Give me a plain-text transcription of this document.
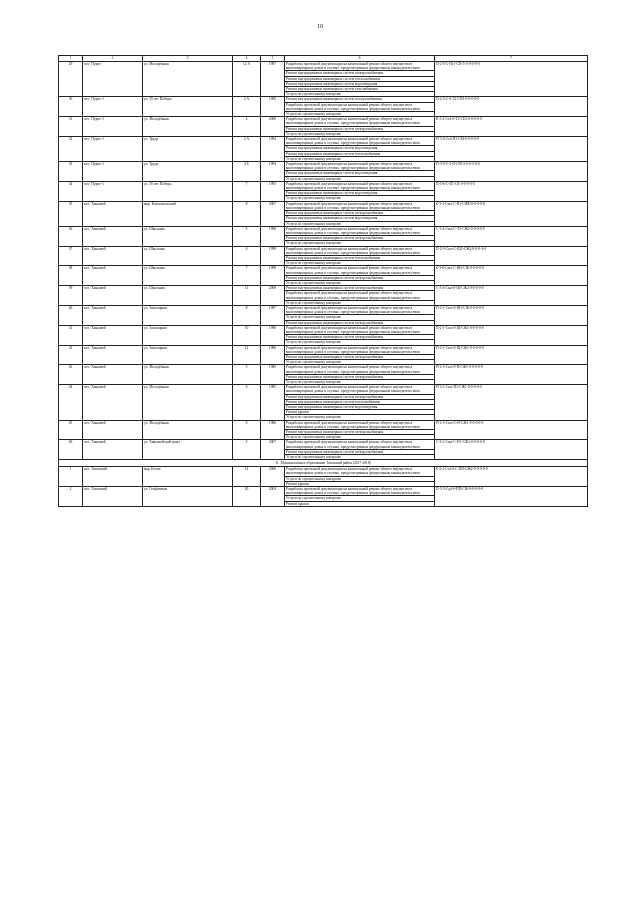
10
1	2	3	4	5	6	7
29	пос. Пурпе	ул. Молодёжная	12 А	1987	Разработка проектной документации на капитальный ремонт общего имущества в многоквартирных домах в случаях, предусмотренных федеральным законодательством	П-2-5-С-Пт1-СП-5-5-0-0-0-0
					Ремонт внутридомовых инженерных систем электроснабжения	
					Ремонт внутридомовых инженерных систем теплоснабжения	
					Ремонт внутридомовых инженерных систем водоотведения	
					Ремонт внутридомовых инженерных систем газоснабжения	
					Услуги по строительному контролю	
30	пос. Пурпе-1	ул. 50 лет Победы	2 А	1995	Ремонт внутридомовых инженерных систем холодоснабжения	П-2-3-С-6-Т2-СП1-0-0-0-0-0
					Разработка проектной документации на капитальный ремонт общего имущества в многоквартирных домах в случаях, предусмотренных федеральным законодательством	
					Услуги по строительному контролю	
31	пос. Пурпе-1	ул. Молодёжная	4	2006	Разработка проектной документации на капитальный ремонт общего имущества в многоквартирных домах в случаях, предусмотренных федеральным законодательством	К-3-2-Ст4-0-Т2-СЕ2-0-0-0-0-0
					Ремонт внутридомовых инженерных систем электроснабжения	
					Услуги по строительному контролю	
32	пос. Пурпе-1	ул. Труда	2 А	1994	Разработка проектной документации на капитальный ремонт общего имущества в многоквартирных домах в случаях, предусмотренных федеральным законодательством	П-3-0-Ст4-П1-СМ-0-0-0-0-0
					Ремонт внутридомовых инженерных систем водоотведения	
					Ремонт внутридомовых инженерных систем теплоснабжения	
					Услуги по строительному контролю	
33	пос. Пурпе-1	ул. Труда	4 Б	1994	Разработка проектной документации на капитальный ремонт общего имущества в многоквартирных домах в случаях, предусмотренных федеральным законодательством	П-3-0-С-3-П-СМ-3-0-0-3-0-0
					Ремонт внутридомовых инженерных систем водоотведения	
					Услуги по строительному контролю	
34	пос. Пурпе-1	ул. 50 лет Победы	7	1993	Разработка проектной документации на капитальный ремонт общего имущества в многоквартирных домах в случаях, предусмотренных федеральным законодательством	П-3-6-С-П1-СЕ-0-0-0-0-0
					Ремонт внутридомовых инженерных систем водоотведения	
					Услуги по строительному контролю	
35	пос. Ханымей	мкр. Комсомольский	8	2007	Разработка проектной документации на капитальный ремонт общего имущества в многоквартирных домах в случаях, предусмотренных федеральным законодательством	Б-3-2-Сыл-С-П1-СЖЕ-0-0-0-0-0
					Ремонт внутридомовых инженерных систем электроснабжения	
					Ремонт внутридомовых инженерных систем водоотведения	
					Услуги по строительному контролю	
36	пос. Ханымей	ул. Школьная	5	1996	Разработка проектной документации на капитальный ремонт общего имущества в многоквартирных домах в случаях, предусмотренных федеральным законодательством	С-3-4-Сыл-С-Т3-СЖ2-0-0-0-0-0
					Ремонт внутридомовых инженерных систем электроснабжения	
					Услуги по строительному контролю	
37	пос. Ханымей	ул. Школьная	6	1998	Разработка проектной документации на капитальный ремонт общего имущества в многоквартирных домах в случаях, предусмотренных федеральным законодательством	П-2-3-Сыл-С-Щ3-СЖ2-0-0-0-3-0
					Ремонт внутридомовых инженерных систем теплоснабжения	
					Услуги по строительному контролю	
38	пос. Ханымей	ул. Школьная	7	1998	Разработка проектной документации на капитальный ремонт общего имущества в многоквартирных домах в случаях, предусмотренных федеральным законодательством	Б-3-0-Сыл-С-Щ3-СЖ-0-0-0-0-0
					Ремонт внутридомовых инженерных систем электроснабжения	
					Услуги по строительному контролю	
39	пос. Ханымей	ул. Школьная	11	2008	Ремонт внутридомовых инженерных систем электроснабжения	С-3-4-Сыл-0-Щ-СЖ2-0-0-0-0-0
					Разработка проектной документации на капитальный ремонт общего имущества в многоквартирных домах в случаях, предусмотренных федеральным законодательством	
					Услуги по строительному контролю	
40	пос. Ханымей	ул. Заполярная	8	1987	Разработка проектной документации на капитальный ремонт общего имущества в многоквартирных домах в случаях, предусмотренных федеральным законодательством	П-2-1-Сыл-0-Щ1-СЖ-0-0-0-0-0
					Услуги по строительному контролю	
					Ремонт внутридомовых инженерных систем электроснабжения	
41	пос. Ханымей	ул. Заполярная	10	1996	Разработка проектной документации на капитальный ремонт общего имущества в многоквартирных домах в случаях, предусмотренных федеральным законодательством	П-2-1-Сыл-0-Щ-СЖ1-0-0-0-0-0
					Ремонт внутридомовых инженерных систем электроснабжения	
					Услуги по строительному контролю	
42	пос. Ханымей	ул. Заполярная	12	1986	Разработка проектной документации на капитальный ремонт общего имущества в многоквартирных домах в случаях, предусмотренных федеральным законодательством	П-2-1-Сыл-0-Щ-СЖ1-0-0-0-0-0
					Ремонт внутридомовых инженерных систем электроснабжения	
					Услуги по строительному контролю	
43	пос. Ханымей	ул. Молодёжная	5	1985	Разработка проектной документации на капитальный ремонт общего имущества в многоквартирных домах в случаях, предусмотренных федеральным законодательством	П-2-3-Сыл-0-П-СЖ1-0-0-0-0-0
					Ремонт внутридомовых инженерных систем электроснабжения	
					Услуги по строительному контролю	
44	пос. Ханымей	ул. Молодёжная	6	1985	Разработка проектной документации на капитальный ремонт общего имущества в многоквартирных домах в случаях, предусмотренных федеральным законодательством	П-2-1-Сыл-П1-СЖ1-0-0-0-0-0
					Ремонт внутридомовых инженерных систем электроснабжения	
					Ремонт внутридомовых инженерных систем теплоснабжения	
					Ремонт внутридомовых инженерных систем водоотведения	
					Ремонт крыши	
					Услуги по строительному контролю	
45	пос. Ханымей	ул. Молодёжная	8	1986	Разработка проектной документации на капитальный ремонт общего имущества в многоквартирных домах в случаях, предусмотренных федеральным законодательством	П-2-3-Сыл-С-Н-СЖ1-0-0-0-0-0
					Ремонт внутридомовых инженерных систем электроснабжения	
					Услуги по строительному контролю	
46	пос. Ханымей	ул. Ханымейский тракт	5	2007	Разработка проектной документации на капитальный ремонт общего имущества в многоквартирных домах в случаях, предусмотренных федеральным законодательством	С-3-2-Сыл-С-П1-СЖ1-0-0-0-0-0
					Ремонт внутридомовых инженерных систем электроснабжения	
					Услуги по строительному контролю	
11. Муниципальное образование Тазовский район (2017-2018)						
1	пос. Тазовский	мкр Геолог	14	2006	Разработка проектной документации на капитальный ремонт общего имущества в многоквартирных домах в случаях, предусмотренных федеральным законодательством	Б-2-2-Ст4-0-С-ПП-СЖ2-0-0-0-0-0
					Услуги по строительному контролю	
					Ремонт крыши	
2	пос. Тазовский	ул. Геофизиков	30	2004	Разработка проектной документации на капитальный ремонт общего имущества в многоквартирных домах в случаях, предусмотренных федеральным законодательством	П-3-5-Сд4-0-ПП-СЖ-0-0-0-0-0
					Услуги по строительному контролю	
					Ремонт крыши	
